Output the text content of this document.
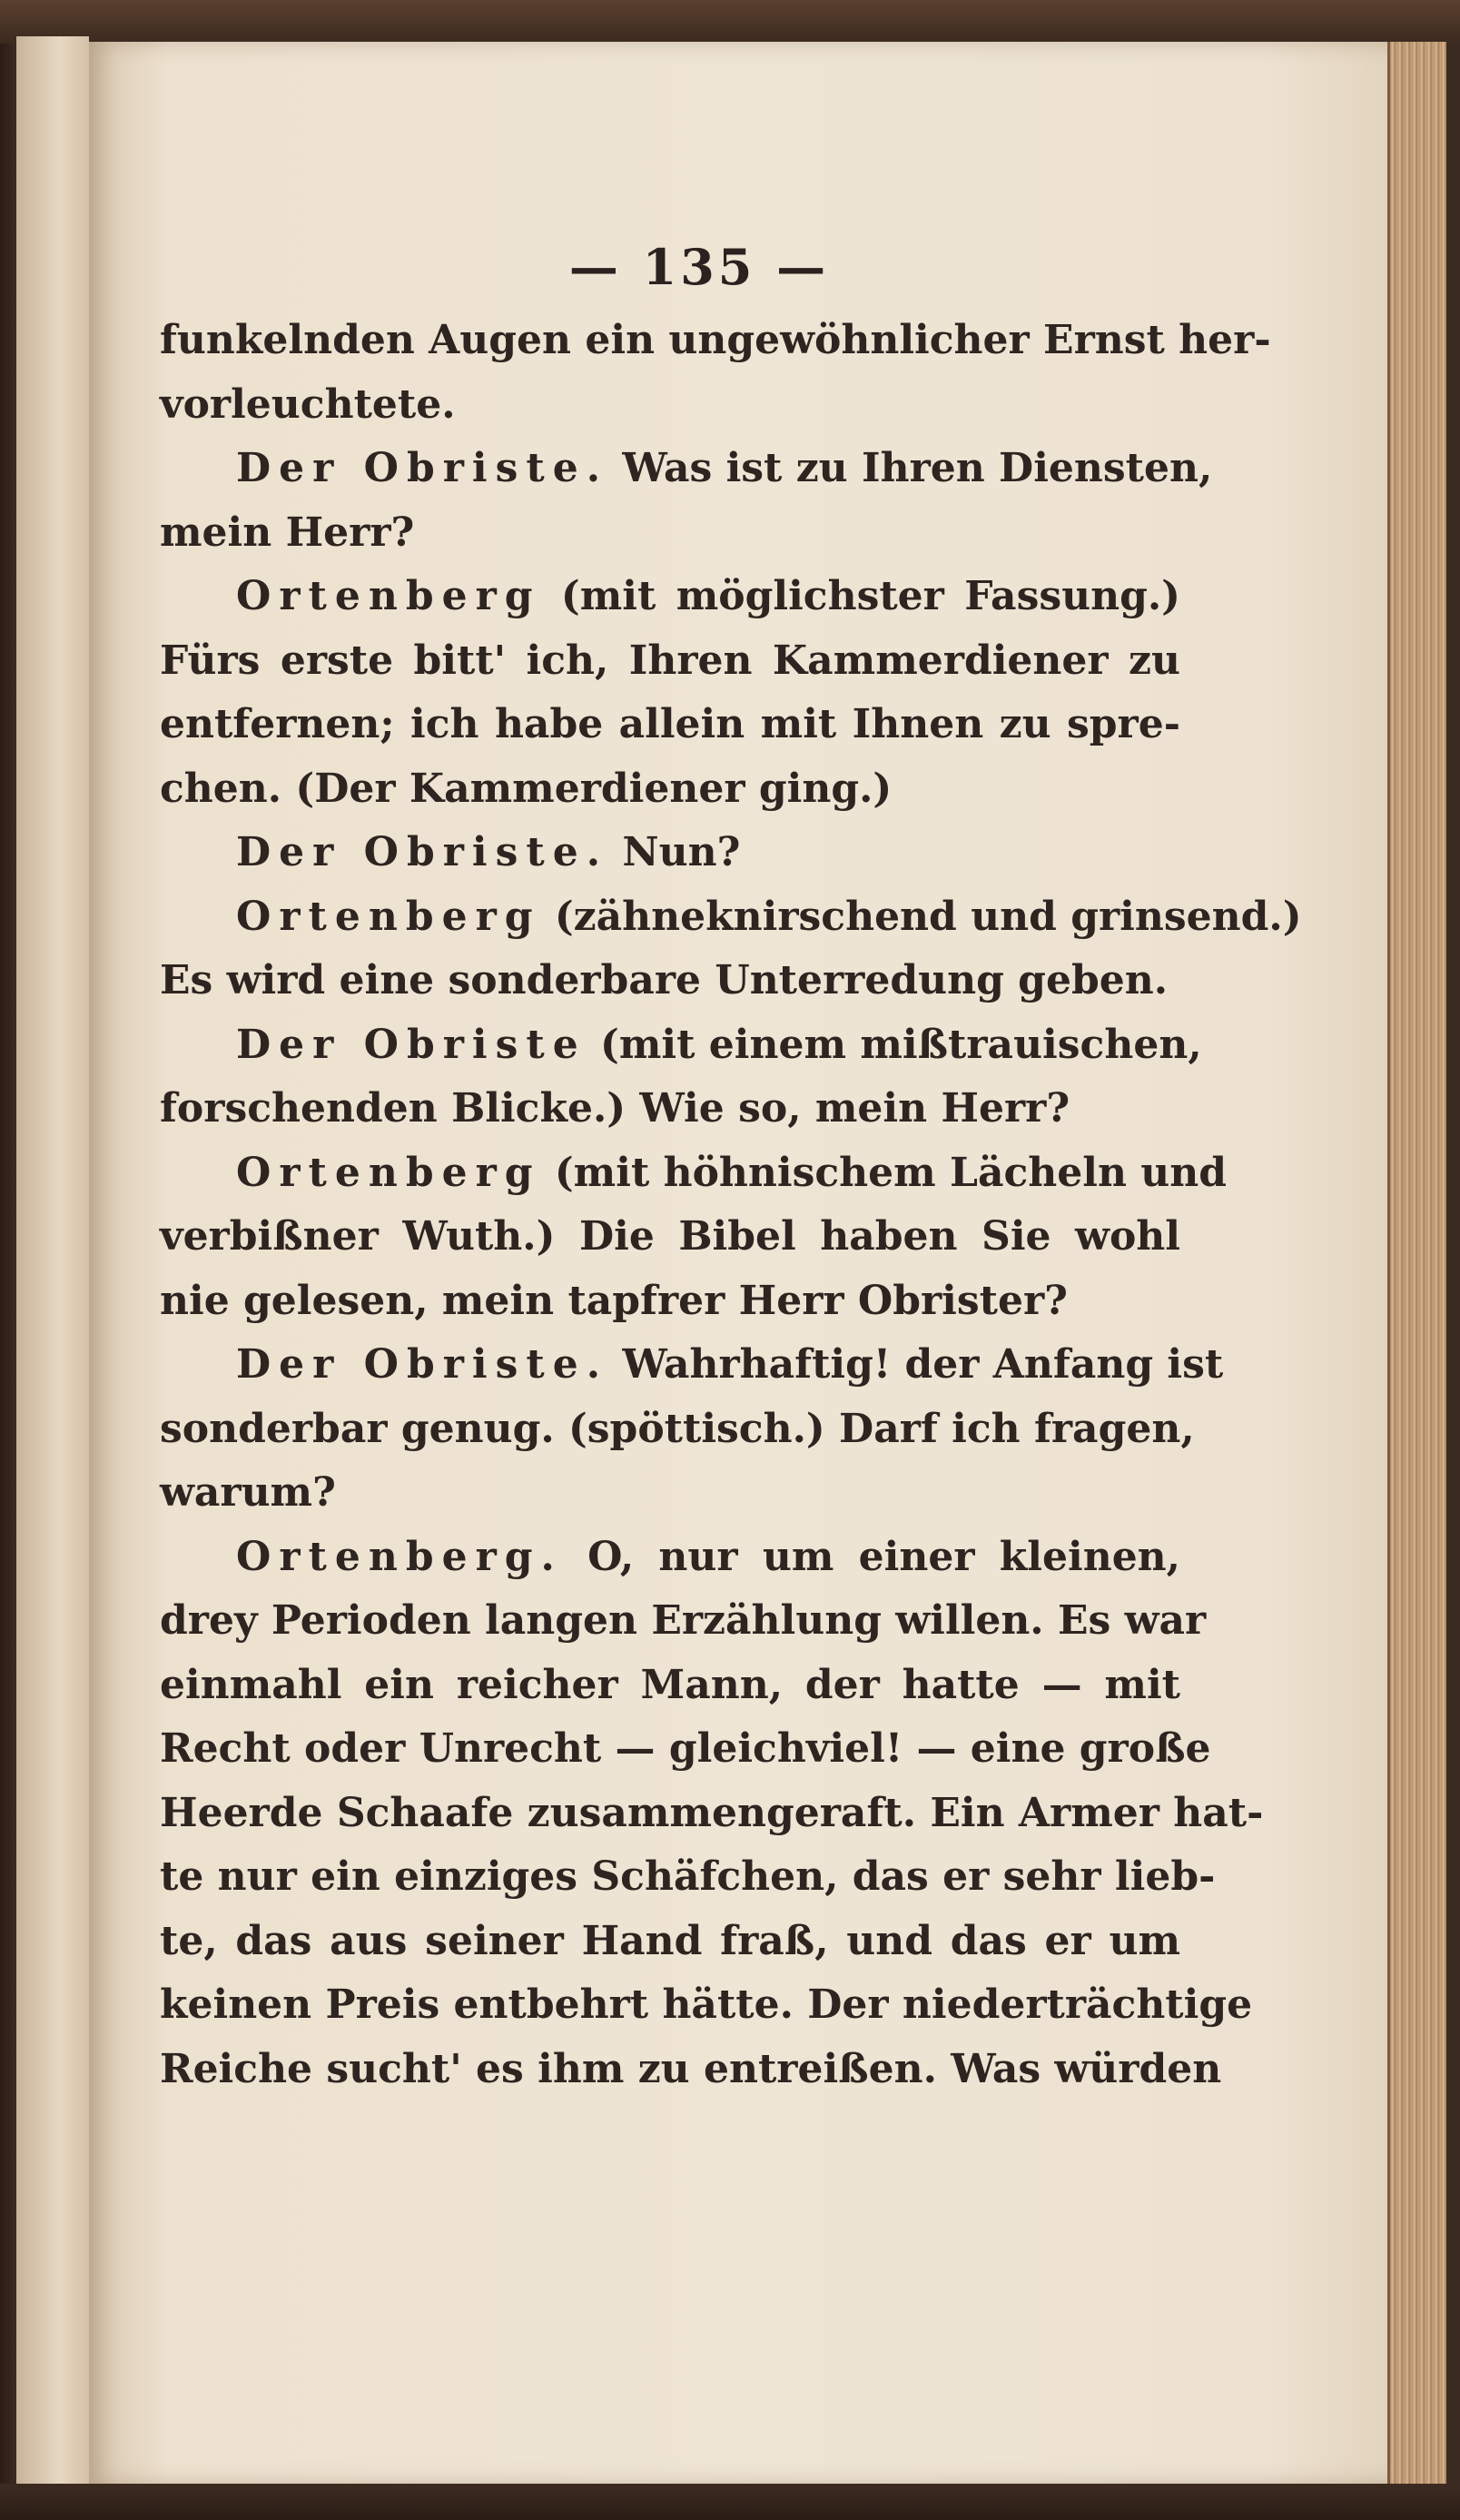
— 135 —
funkelnden Augen ein ungewöhnlicher Ernst her-
vorleuchtete.
Der Obriste. Was ist zu Ihren Diensten,
mein Herr?
Ortenberg (mit möglichster Fassung.)
Fürs erste bitt' ich, Ihren Kammerdiener zu
entfernen; ich habe allein mit Ihnen zu spre-
chen. (Der Kammerdiener ging.)
Der Obriste. Nun?
Ortenberg (zähneknirschend und grinsend.)
Es wird eine sonderbare Unterredung geben.
Der Obriste (mit einem mißtrauischen,
forschenden Blicke.) Wie so, mein Herr?
Ortenberg (mit höhnischem Lächeln und
verbißner Wuth.) Die Bibel haben Sie wohl
nie gelesen, mein tapfrer Herr Obrister?
Der Obriste. Wahrhaftig! der Anfang ist
sonderbar genug. (spöttisch.) Darf ich fragen,
warum?
Ortenberg. O, nur um einer kleinen,
drey Perioden langen Erzählung willen. Es war
einmahl ein reicher Mann, der hatte — mit
Recht oder Unrecht — gleichviel! — eine große
Heerde Schaafe zusammengeraft. Ein Armer hat-
te nur ein einziges Schäfchen, das er sehr lieb-
te, das aus seiner Hand fraß, und das er um
keinen Preis entbehrt hätte. Der niederträchtige
Reiche sucht' es ihm zu entreißen. Was würden
